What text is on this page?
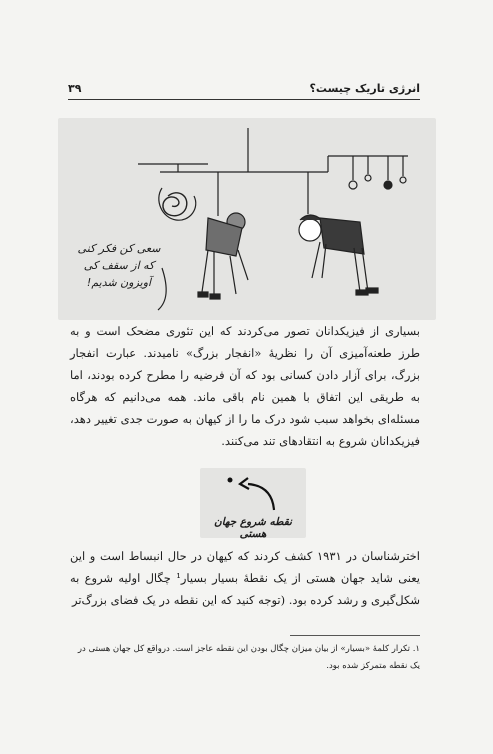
انرژی تاریک چیست؟
۳۹
سعی کن فکر کنی که از سقف کی آویزون شدیم!
بسیاری از فیزیکدانان تصور می‌کردند که این تئوری مضحک است و به طرز طعنه‌آمیزی آن را نظریهٔ «انفجار بزرگ» نامیدند. عبارت انفجار بزرگ، برای آزار دادن کسانی بود که آن فرضیه را مطرح کرده بودند، اما به طریقی این اتفاق با همین نام باقی ماند. همه می‌دانیم که هرگاه مسئله‌ای بخواهد سبب شود درک ما را از کیهان به صورت جدی تغییر دهد، فیزیکدانان شروع به انتقادهای تند می‌کنند.
نقطه شروع جهان هستی
اخترشناسان در ۱۹۳۱ کشف کردند که کیهان در حال انبساط است و این یعنی شاید جهان هستی از یک نقطهٔ بسیار بسیار¹ چگال اولیه شروع به شکل‌گیری و رشد کرده بود. (توجه کنید که این نقطه در یک فضای بزرگ‌تر
۱. تکرار کلمهٔ «بسیار» از بیان میزان چگال بودن این نقطه عاجز است. درواقع کل جهان هستی در یک نقطه متمرکز شده بود.
